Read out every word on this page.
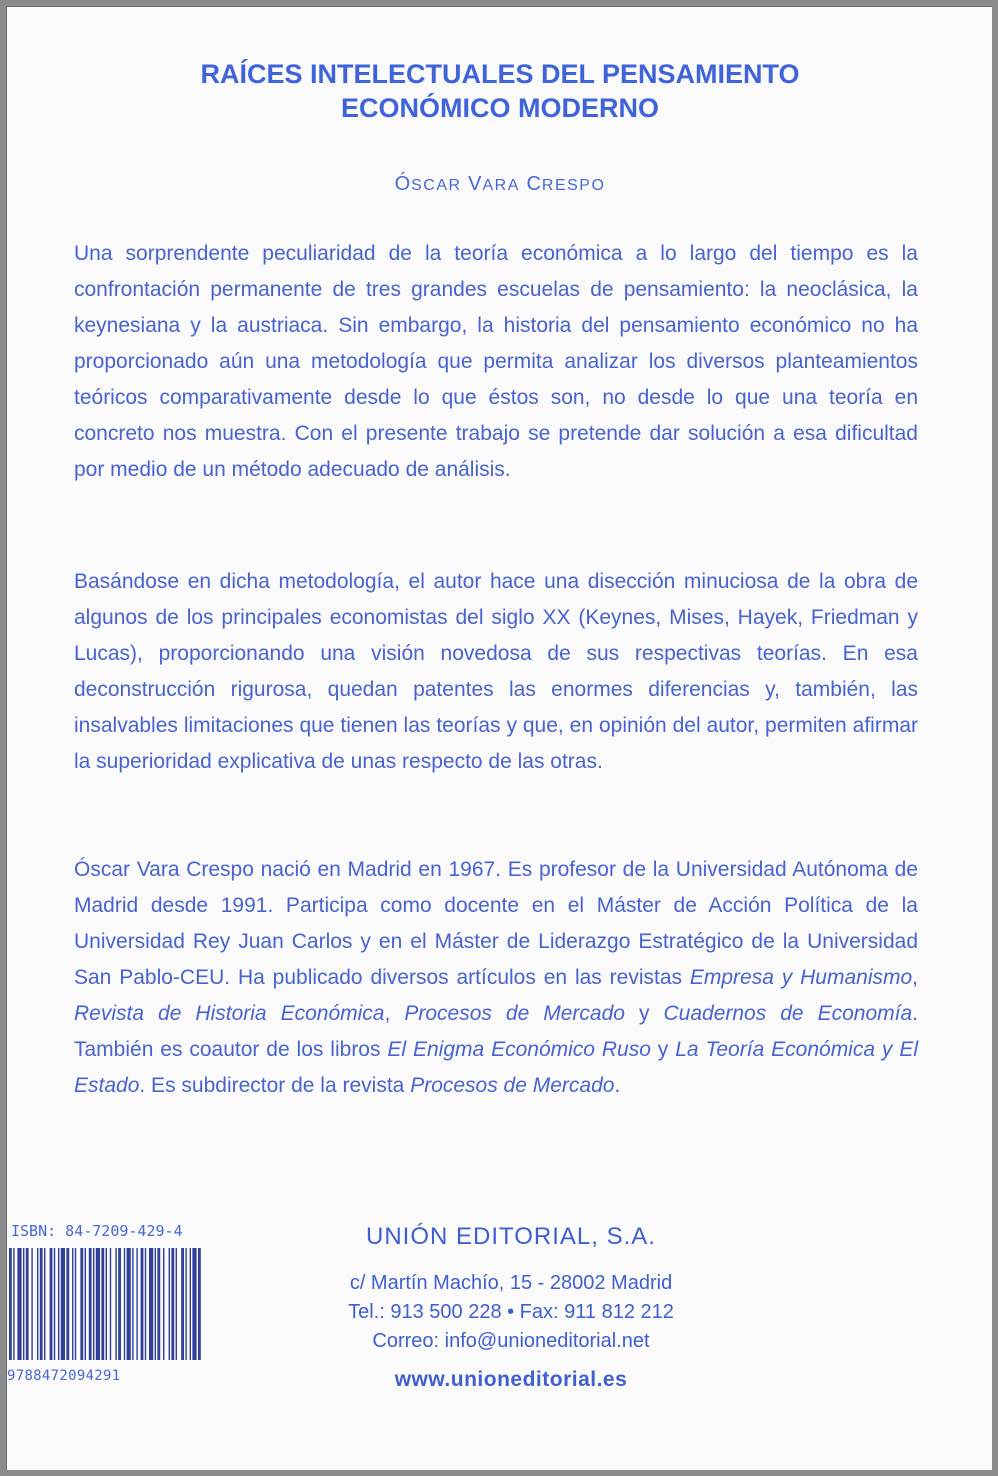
RAÍCES INTELECTUALES DEL PENSAMIENTO
ECONÓMICO MODERNO
ÓSCAR VARA CRESPO
Una sorprendente peculiaridad de la teoría económica a lo largo del tiempo es la confrontación permanente de tres grandes escuelas de pensamiento: la neoclásica, la keynesiana y la austriaca. Sin embargo, la historia del pensamiento económico no ha proporcionado aún una metodología que permita analizar los diversos planteamientos teóricos comparativamente desde lo que éstos son, no desde lo que una teoría en concreto nos muestra. Con el presente trabajo se pretende dar solución a esa dificultad por medio de un método adecuado de análisis.
Basándose en dicha metodología, el autor hace una disección minuciosa de la obra de algunos de los principales economistas del siglo XX (Keynes, Mises, Hayek, Friedman y Lucas), proporcionando una visión novedosa de sus respectivas teorías. En esa deconstrucción rigurosa, quedan patentes las enormes diferencias y, también, las insalvables limitaciones que tienen las teorías y que, en opinión del autor, permiten afirmar la superioridad explicativa de unas respecto de las otras.
Óscar Vara Crespo nació en Madrid en 1967. Es profesor de la Universidad Autónoma de Madrid desde 1991. Participa como docente en el Máster de Acción Política de la Universidad Rey Juan Carlos y en el Máster de Liderazgo Estratégico de la Universidad San Pablo-CEU. Ha publicado diversos artículos en las revistas Empresa y Humanismo, Revista de Historia Económica, Procesos de Mercado y Cuadernos de Economía. También es coautor de los libros El Enigma Económico Ruso y La Teoría Económica y El Estado. Es subdirector de la revista Procesos de Mercado.
ISBN: 84-7209-429-4
9788472094291
UNIÓN EDITORIAL, S.A.
c/ Martín Machío, 15 - 28002 Madrid
Tel.: 913 500 228 • Fax: 911 812 212
Correo: info@unioneditorial.net
www.unioneditorial.es
